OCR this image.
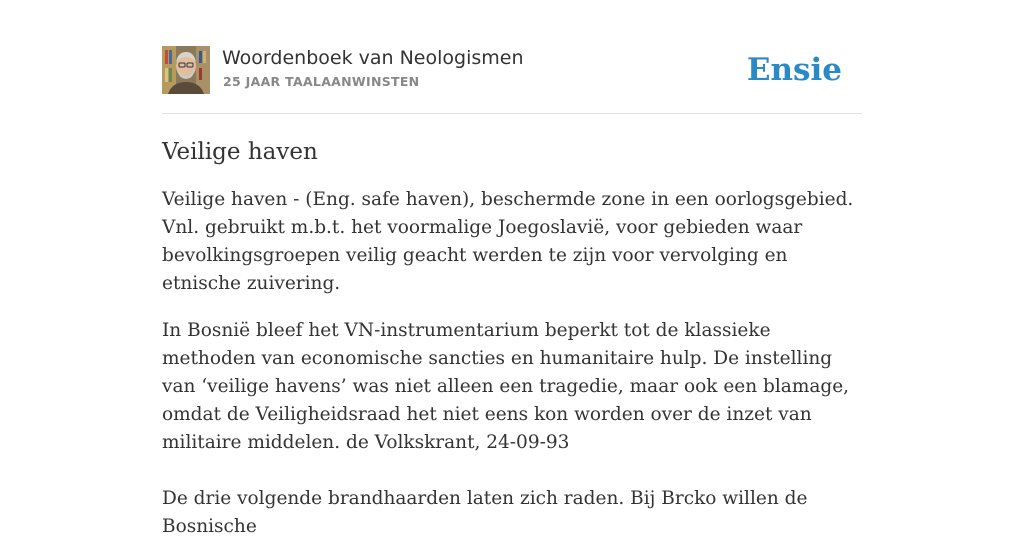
Woordenboek van Neologismen
25 JAAR TAALAANWINSTEN	Ensie
Veilige haven

Veilige haven - (Eng. safe haven), beschermde zone in een oorlogsgebied. Vnl. gebruikt m.b.t. het voormalige Joegoslavië, voor gebieden waar bevolkingsgroepen veilig geacht werden te zijn voor vervolging en etnische zuivering.

In Bosnië bleef het VN-instrumentarium beperkt tot de klassieke methoden van economische sancties en humanitaire hulp. De instelling van ‘veilige havens’ was niet alleen een tragedie, maar ook een blamage, omdat de Veiligheidsraad het niet eens kon worden over de inzet van militaire middelen. de Volkskrant, 24-09-93

De drie volgende brandhaarden laten zich raden. Bij Brcko willen de Bosnische
